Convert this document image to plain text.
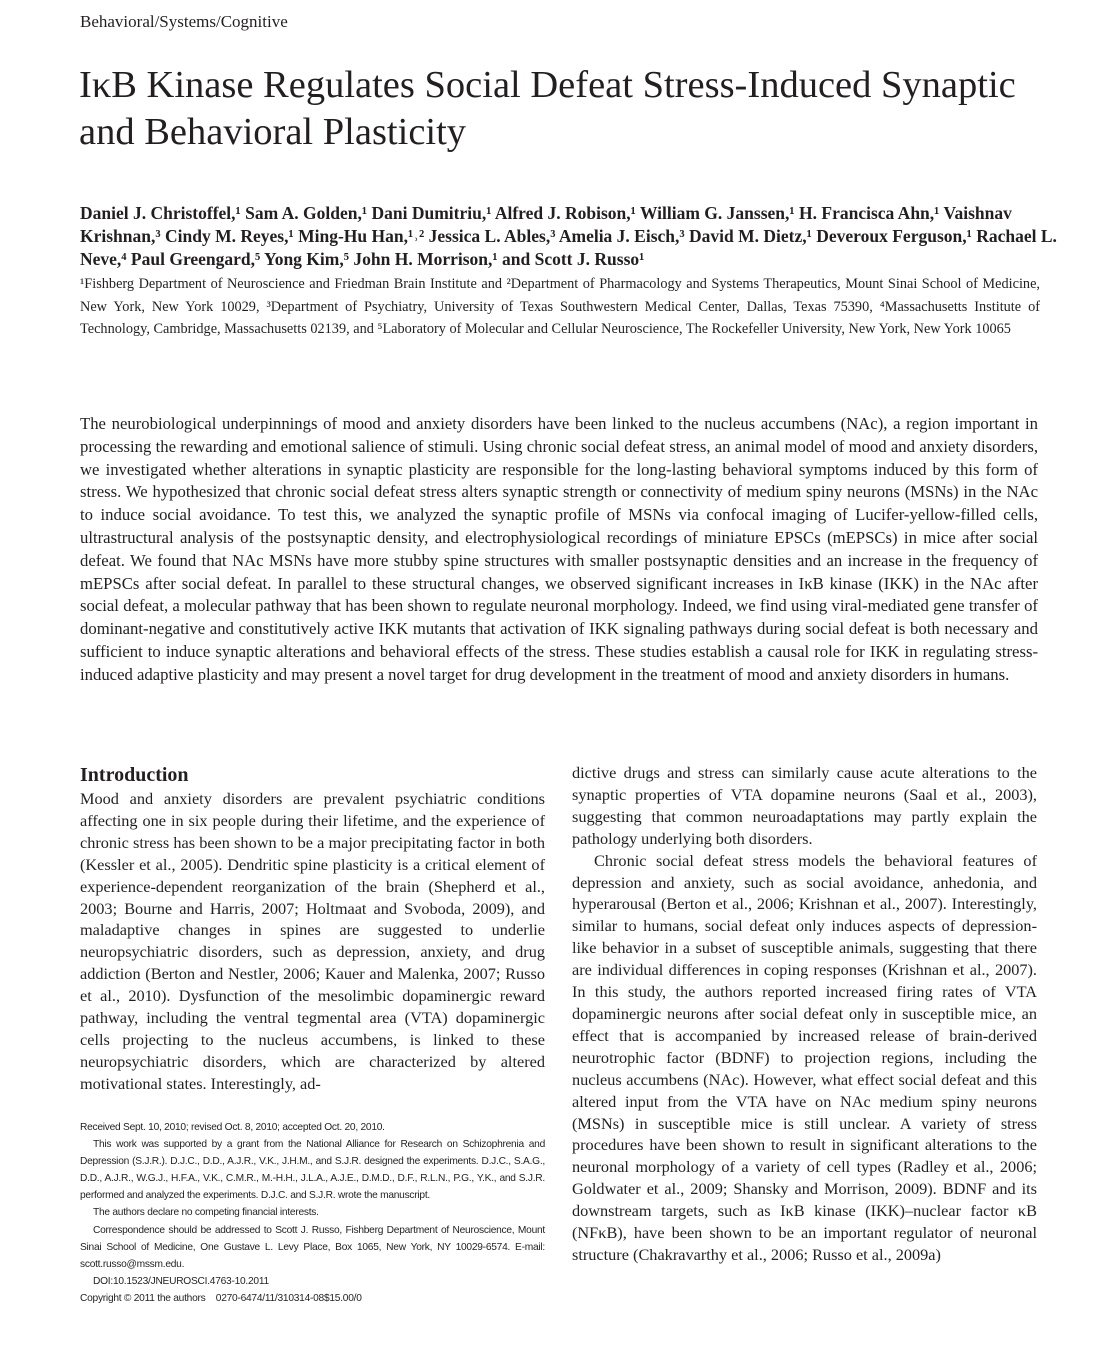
Behavioral/Systems/Cognitive
IκB Kinase Regulates Social Defeat Stress-Induced Synaptic and Behavioral Plasticity

Daniel J. Christoffel,¹ Sam A. Golden,¹ Dani Dumitriu,¹ Alfred J. Robison,¹ William G. Janssen,¹ H. Francisca Ahn,¹ Vaishnav Krishnan,³ Cindy M. Reyes,¹ Ming-Hu Han,¹˒² Jessica L. Ables,³ Amelia J. Eisch,³ David M. Dietz,¹ Deveroux Ferguson,¹ Rachael L. Neve,⁴ Paul Greengard,⁵ Yong Kim,⁵ John H. Morrison,¹ and Scott J. Russo¹

¹Fishberg Department of Neuroscience and Friedman Brain Institute and ²Department of Pharmacology and Systems Therapeutics, Mount Sinai School of Medicine, New York, New York 10029, ³Department of Psychiatry, University of Texas Southwestern Medical Center, Dallas, Texas 75390, ⁴Massachusetts Institute of Technology, Cambridge, Massachusetts 02139, and ⁵Laboratory of Molecular and Cellular Neuroscience, The Rockefeller University, New York, New York 10065

The neurobiological underpinnings of mood and anxiety disorders have been linked to the nucleus accumbens (NAc), a region important in processing the rewarding and emotional salience of stimuli. Using chronic social defeat stress, an animal model of mood and anxiety disorders, we investigated whether alterations in synaptic plasticity are responsible for the long-lasting behavioral symptoms induced by this form of stress. We hypothesized that chronic social defeat stress alters synaptic strength or connectivity of medium spiny neurons (MSNs) in the NAc to induce social avoidance. To test this, we analyzed the synaptic profile of MSNs via confocal imaging of Lucifer-yellow-filled cells, ultrastructural analysis of the postsynaptic density, and electrophysiological recordings of miniature EPSCs (mEPSCs) in mice after social defeat. We found that NAc MSNs have more stubby spine structures with smaller postsynaptic densities and an increase in the frequency of mEPSCs after social defeat. In parallel to these structural changes, we observed significant increases in IκB kinase (IKK) in the NAc after social defeat, a molecular pathway that has been shown to regulate neuronal morphology. Indeed, we find using viral-mediated gene transfer of dominant-negative and constitutively active IKK mutants that activation of IKK signaling pathways during social defeat is both necessary and sufficient to induce synaptic alterations and behavioral effects of the stress. These studies establish a causal role for IKK in regulating stress-induced adaptive plasticity and may present a novel target for drug development in the treatment of mood and anxiety disorders in humans.

Introduction

Mood and anxiety disorders are prevalent psychiatric conditions affecting one in six people during their lifetime, and the experience of chronic stress has been shown to be a major precipitating factor in both (Kessler et al., 2005). Dendritic spine plasticity is a critical element of experience-dependent reorganization of the brain (Shepherd et al., 2003; Bourne and Harris, 2007; Holtmaat and Svoboda, 2009), and maladaptive changes in spines are suggested to underlie neuropsychiatric disorders, such as depression, anxiety, and drug addiction (Berton and Nestler, 2006; Kauer and Malenka, 2007; Russo et al., 2010). Dysfunction of the mesolimbic dopaminergic reward pathway, including the ventral tegmental area (VTA) dopaminergic cells projecting to the nucleus accumbens, is linked to these neuropsychiatric disorders, which are characterized by altered motivational states. Interestingly, ad-

dictive drugs and stress can similarly cause acute alterations to the synaptic properties of VTA dopamine neurons (Saal et al., 2003), suggesting that common neuroadaptations may partly explain the pathology underlying both disorders.

Chronic social defeat stress models the behavioral features of depression and anxiety, such as social avoidance, anhedonia, and hyperarousal (Berton et al., 2006; Krishnan et al., 2007). Interestingly, similar to humans, social defeat only induces aspects of depression-like behavior in a subset of susceptible animals, suggesting that there are individual differences in coping responses (Krishnan et al., 2007). In this study, the authors reported increased firing rates of VTA dopaminergic neurons after social defeat only in susceptible mice, an effect that is accompanied by increased release of brain-derived neurotrophic factor (BDNF) to projection regions, including the nucleus accumbens (NAc). However, what effect social defeat and this altered input from the VTA have on NAc medium spiny neurons (MSNs) in susceptible mice is still unclear. A variety of stress procedures have been shown to result in significant alterations to the neuronal morphology of a variety of cell types (Radley et al., 2006; Goldwater et al., 2009; Shansky and Morrison, 2009). BDNF and its downstream targets, such as IκB kinase (IKK)–nuclear factor κB (NFκB), have been shown to be an important regulator of neuronal structure (Chakravarthy et al., 2006; Russo et al., 2009a)

Received Sept. 10, 2010; revised Oct. 8, 2010; accepted Oct. 20, 2010.

This work was supported by a grant from the National Alliance for Research on Schizophrenia and Depression (S.J.R.). D.J.C., D.D., A.J.R., V.K., J.H.M., and S.J.R. designed the experiments. D.J.C., S.A.G., D.D., A.J.R., W.G.J., H.F.A., V.K., C.M.R., M.-H.H., J.L.A., A.J.E., D.M.D., D.F., R.L.N., P.G., Y.K., and S.J.R. performed and analyzed the experiments. D.J.C. and S.J.R. wrote the manuscript.

The authors declare no competing financial interests.

Correspondence should be addressed to Scott J. Russo, Fishberg Department of Neuroscience, Mount Sinai School of Medicine, One Gustave L. Levy Place, Box 1065, New York, NY 10029-6574. E-mail: scott.russo@mssm.edu.

DOI:10.1523/JNEUROSCI.4763-10.2011

Copyright © 2011 the authors    0270-6474/11/310314-08$15.00/0
